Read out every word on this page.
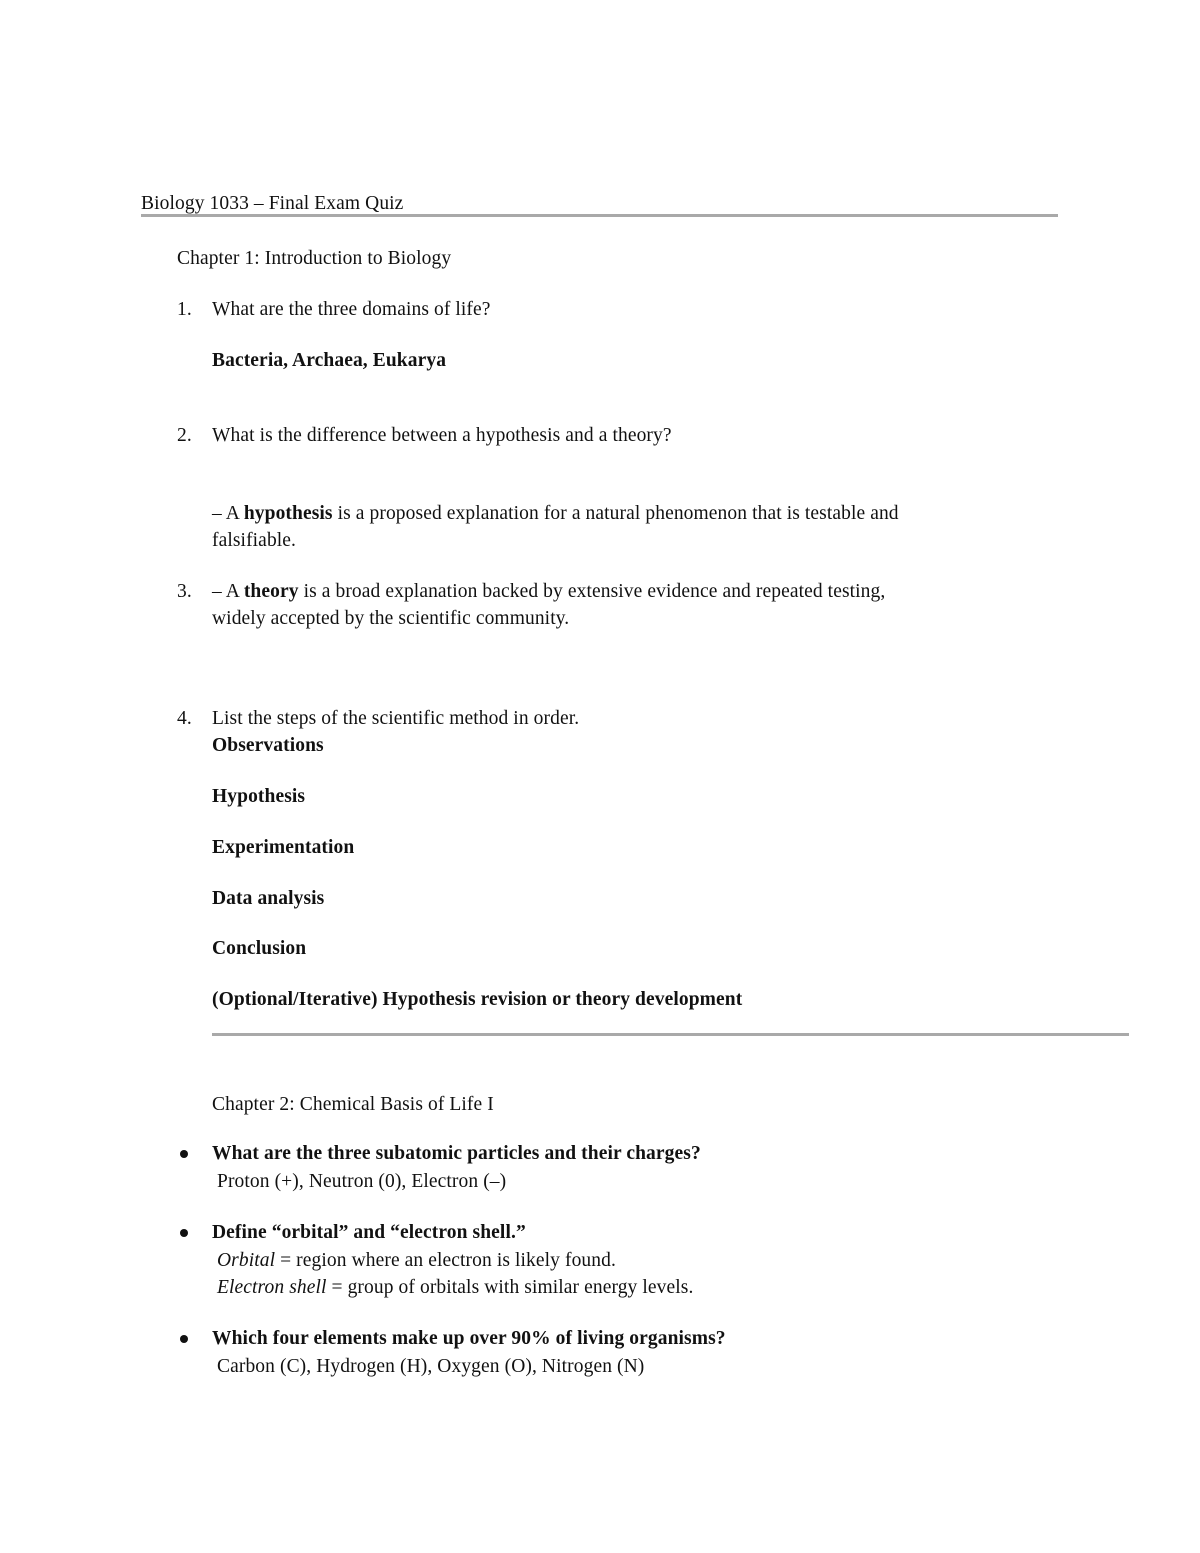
Biology 1033 – Final Exam Quiz
Chapter 1: Introduction to Biology
1. What are the three domains of life?
Bacteria, Archaea, Eukarya
2. What is the difference between a hypothesis and a theory?
– A hypothesis is a proposed explanation for a natural phenomenon that is testable and
falsifiable.
3. – A theory is a broad explanation backed by extensive evidence and repeated testing,
widely accepted by the scientific community.
4. List the steps of the scientific method in order.
Observations
Hypothesis
Experimentation
Data analysis
Conclusion
(Optional/Iterative) Hypothesis revision or theory development
Chapter 2: Chemical Basis of Life I
What are the three subatomic particles and their charges?
Proton (+), Neutron (0), Electron (–)
Define “orbital” and “electron shell.”
Orbital = region where an electron is likely found.
Electron shell = group of orbitals with similar energy levels.
Which four elements make up over 90% of living organisms?
Carbon (C), Hydrogen (H), Oxygen (O), Nitrogen (N)
